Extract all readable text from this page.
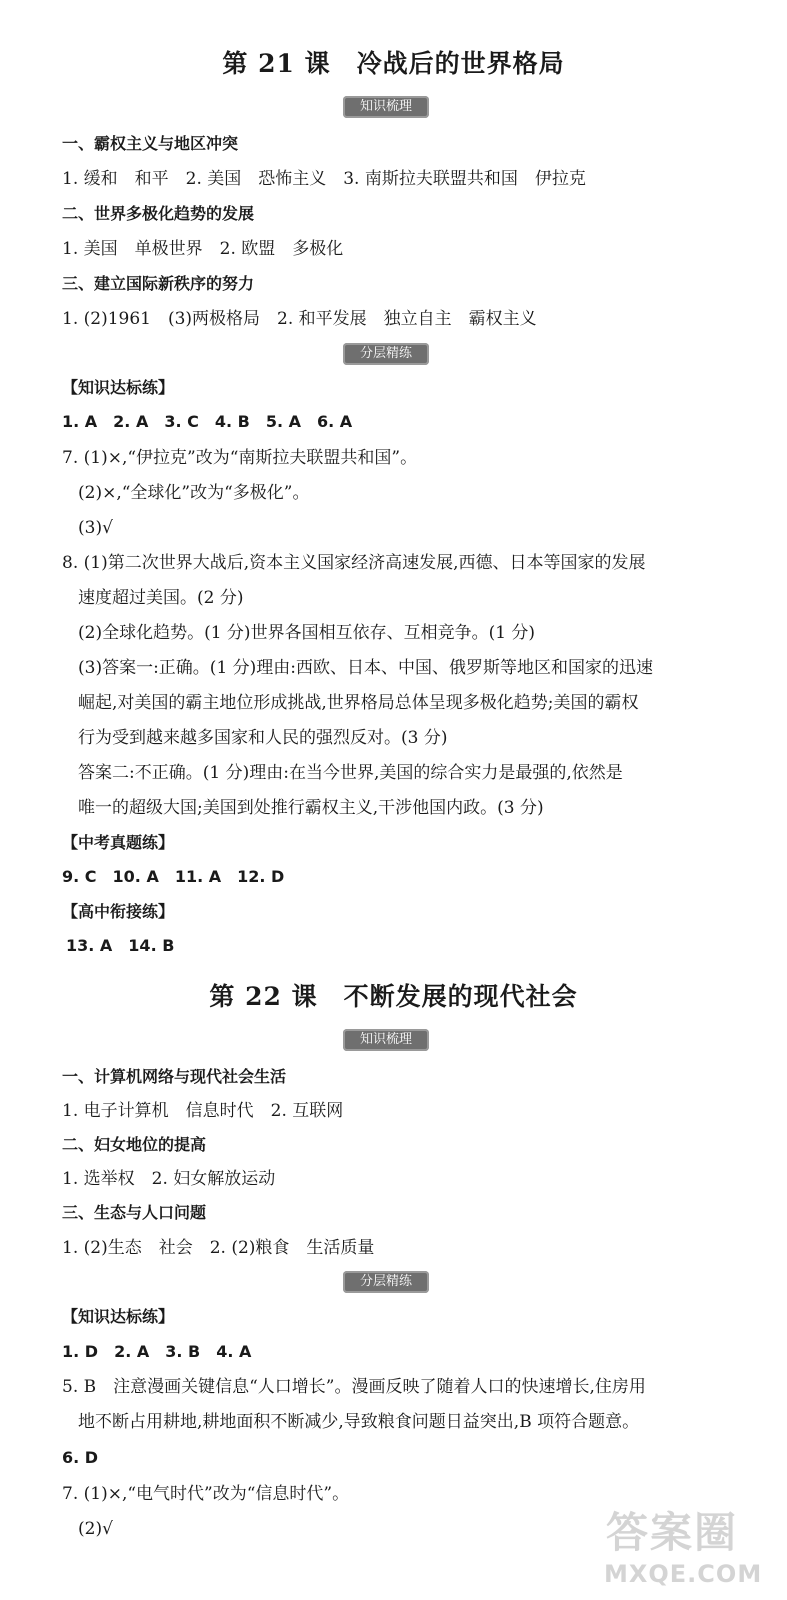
第 21 课　冷战后的世界格局
知识梳理
一、霸权主义与地区冲突
1. 缓和　和平　2. 美国　恐怖主义　3. 南斯拉夫联盟共和国　伊拉克
二、世界多极化趋势的发展
1. 美国　单极世界　2. 欧盟　多极化
三、建立国际新秩序的努力
1. (2)1961　(3)两极格局　2. 和平发展　独立自主　霸权主义
分层精练
【知识达标练】
1. A　2. A　3. C　4. B　5. A　6. A
7. (1)×,“伊拉克”改为“南斯拉夫联盟共和国”。
(2)×,“全球化”改为“多极化”。
(3)√
8. (1)第二次世界大战后,资本主义国家经济高速发展,西德、日本等国家的发展
速度超过美国。(2 分)
(2)全球化趋势。(1 分)世界各国相互依存、互相竞争。(1 分)
(3)答案一:正确。(1 分)理由:西欧、日本、中国、俄罗斯等地区和国家的迅速
崛起,对美国的霸主地位形成挑战,世界格局总体呈现多极化趋势;美国的霸权
行为受到越来越多国家和人民的强烈反对。(3 分)
答案二:不正确。(1 分)理由:在当今世界,美国的综合实力是最强的,依然是
唯一的超级大国;美国到处推行霸权主义,干涉他国内政。(3 分)
【中考真题练】
9. C　10. A　11. A　12. D
【高中衔接练】
13. A　14. B
第 22 课　不断发展的现代社会
知识梳理
一、计算机网络与现代社会生活
1. 电子计算机　信息时代　2. 互联网
二、妇女地位的提高
1. 选举权　2. 妇女解放运动
三、生态与人口问题
1. (2)生态　社会　2. (2)粮食　生活质量
分层精练
【知识达标练】
1. D　2. A　3. B　4. A
5. B　注意漫画关键信息“人口增长”。漫画反映了随着人口的快速增长,住房用
地不断占用耕地,耕地面积不断减少,导致粮食问题日益突出,B 项符合题意。
6. D
7. (1)×,“电气时代”改为“信息时代”。
(2)√	答案圈
MXQE.COM
